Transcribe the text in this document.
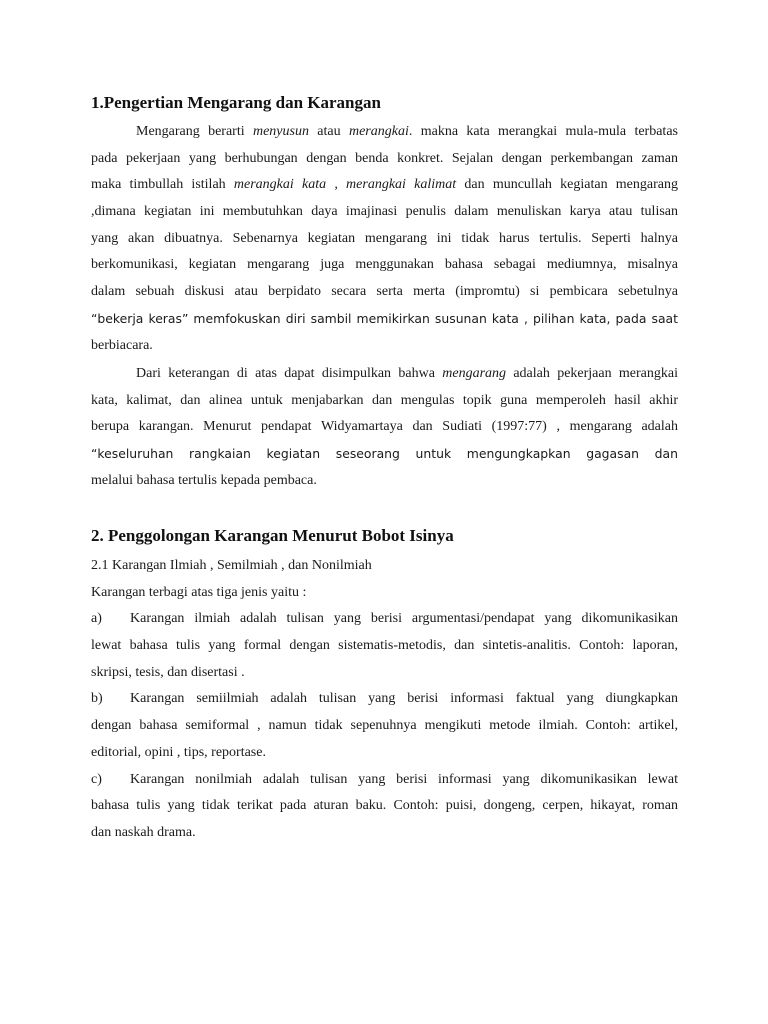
1.Pengertian Mengarang dan Karangan
Mengarang berarti menyusun atau merangkai. makna kata merangkai mula-mula terbatas
pada pekerjaan yang berhubungan dengan benda konkret. Sejalan dengan perkembangan zaman
maka timbullah istilah merangkai kata , merangkai kalimat dan muncullah kegiatan mengarang
,dimana kegiatan ini membutuhkan daya imajinasi penulis dalam menuliskan karya atau tulisan
yang akan dibuatnya. Sebenarnya kegiatan mengarang ini tidak harus tertulis. Seperti halnya
berkomunikasi, kegiatan mengarang juga menggunakan bahasa sebagai mediumnya, misalnya
dalam sebuah diskusi atau berpidato secara serta merta (impromtu) si pembicara sebetulnya
“bekerja keras” memfokuskan diri sambil memikirkan susunan kata , pilihan kata, pada saat
berbiacara.
Dari keterangan di atas dapat disimpulkan bahwa mengarang adalah pekerjaan merangkai
kata, kalimat, dan alinea untuk menjabarkan dan mengulas topik guna memperoleh hasil akhir
berupa karangan. Menurut pendapat Widyamartaya dan Sudiati (1997:77) , mengarang adalah
“keseluruhan rangkaian kegiatan seseorang untuk mengungkapkan gagasan dan
melalui bahasa tertulis kepada pembaca.
2. Penggolongan Karangan Menurut Bobot Isinya
2.1 Karangan Ilmiah , Semilmiah , dan Nonilmiah
Karangan terbagi atas tiga jenis yaitu :
a) Karangan ilmiah adalah tulisan yang berisi argumentasi/pendapat yang dikomunikasikan
lewat bahasa tulis yang formal dengan sistematis-metodis, dan sintetis-analitis. Contoh: laporan,
skripsi, tesis, dan disertasi .
b) Karangan semiilmiah adalah tulisan yang berisi informasi faktual yang diungkapkan
dengan bahasa semiformal , namun tidak sepenuhnya mengikuti metode ilmiah. Contoh: artikel,
editorial, opini , tips, reportase.
c) Karangan nonilmiah adalah tulisan yang berisi informasi yang dikomunikasikan lewat
bahasa tulis yang tidak terikat pada aturan baku. Contoh: puisi, dongeng, cerpen, hikayat, roman
dan naskah drama.
